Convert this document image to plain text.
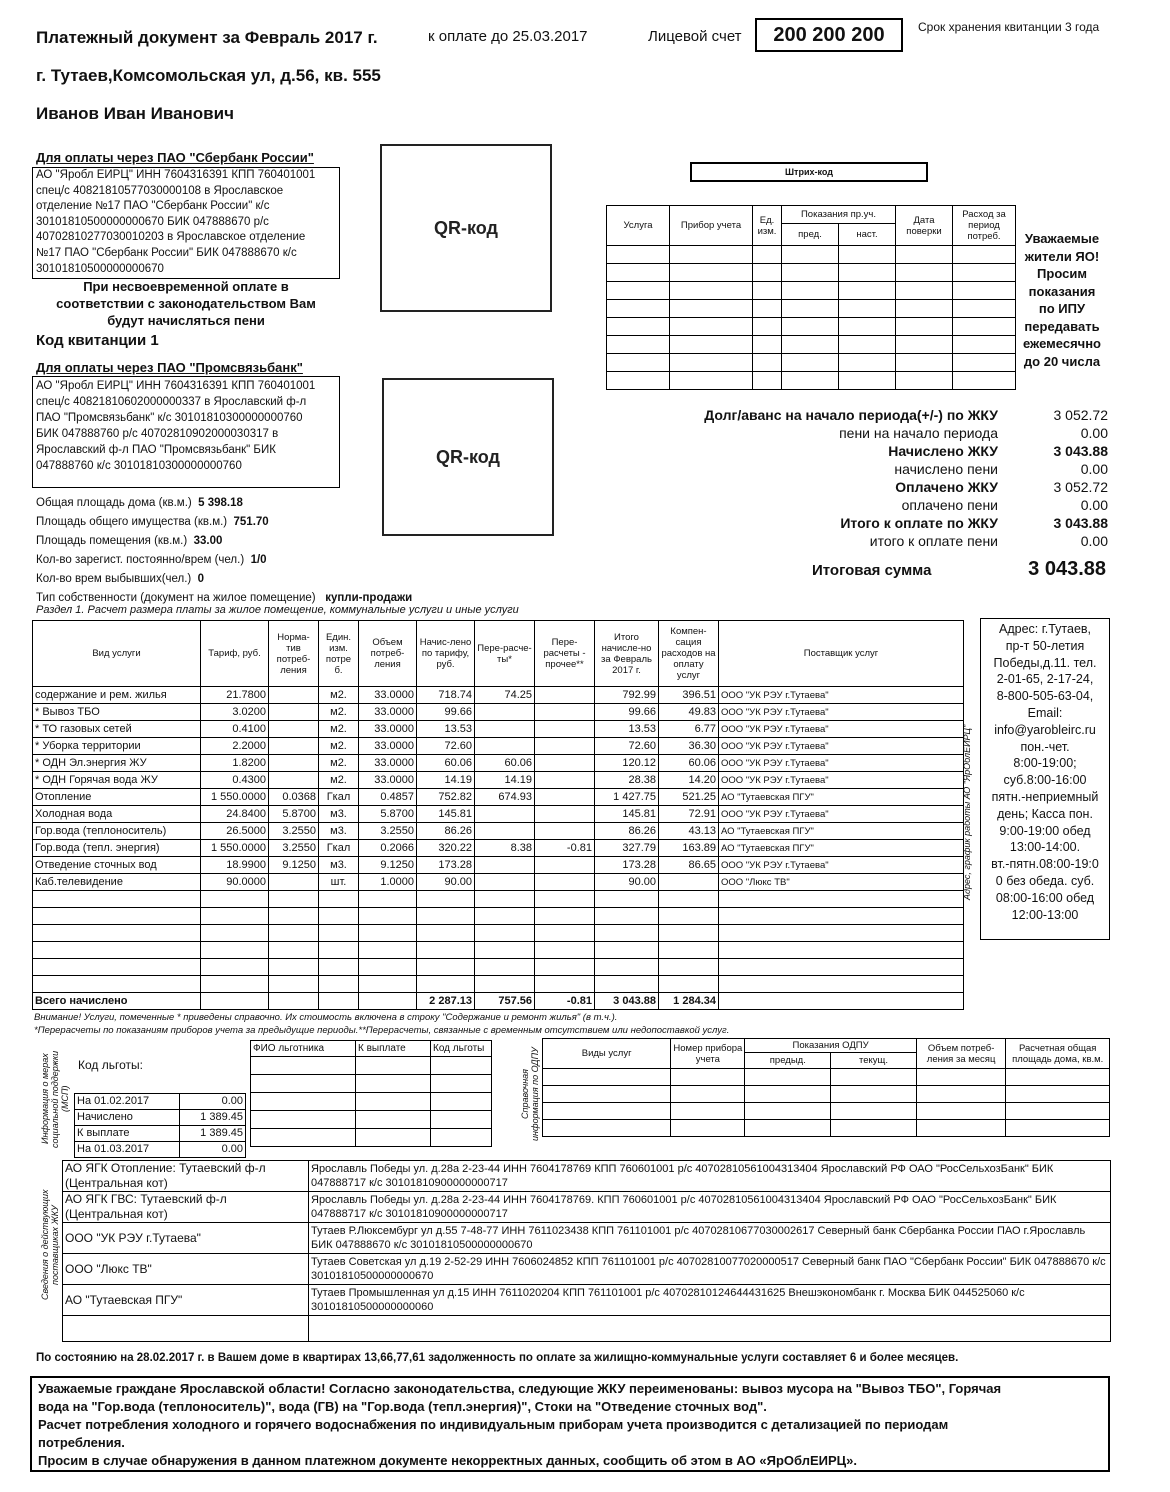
Платежный документ за Февраль 2017 г.	к оплате до 25.03.2017	Лицевой счет	200 200 200	Срок хранения квитанции 3 года
г. Тутаев,Комсомольская ул, д.56, кв. 555
Иванов Иван Иванович
Для оплаты через ПАО "Сбербанк России"
АО "Яробл ЕИРЦ" ИНН 7604316391 КПП 760401001
спец/с 40821810577030000108 в Ярославское
отделение №17 ПАО "Сбербанк России" к/с
30101810500000000670 БИК 047888670 р/с
40702810277030010203 в Ярославское отделение
№17 ПАО "Сбербанк России" БИК 047888670 к/с
30101810500000000670
При несвоевременной оплате в
соответствии с законодательством Вам
будут начисляться пени
Код квитанции 1
QR-код
Для оплаты через ПАО "Промсвязьбанк"
АО "Яробл ЕИРЦ" ИНН 7604316391 КПП 760401001
спец/с 40821810602000000337 в Ярославский ф-л
ПАО "Промсвязьбанк" к/с 30101810300000000760
БИК 047888760 р/с 40702810902000030317 в
Ярославский ф-л ПАО "Промсвязьбанк" БИК
047888760 к/с 30101810300000000760	QR-код
Общая площадь дома (кв.м.) 5 398.18
Площадь общего имущества (кв.м.) 751.70
Площадь помещения (кв.м.) 33.00
Кол-во зарегист. постоянно/врем (чел.) 1/0
Кол-во врем выбывших(чел.) 0
Тип собственности (документ на жилое помещение) купли-продажи
Штрих-код
Услуга	Прибор учета	Ед. изм.	Показания пр.уч.		Дата поверки	Расход за период потреб.
			пред.	наст.		

							Уважаемые
жители ЯО!
Просим
показания
по ИПУ
передавать
ежемесячно
до 20 числа
Долг/аванс на начало периода(+/-) по ЖКУ	3 052.72
пени на начало периода	0.00
Начислено ЖКУ	3 043.88
начислено пени	0.00
Оплачено ЖКУ	3 052.72
оплачено пени	0.00
Итого к оплате по ЖКУ	3 043.88
итого к оплате пени	0.00
Итоговая сумма	3 043.88
Раздел 1. Расчет размера платы за жилое помещение, коммунальные услуги и иные услуги
Вид услуги	Тариф, руб.	Норма-тив потреб-ления	Един. изм. потре б.	Объем потреб-ления	Начис-лено по тарифу, руб.	Пере-расче-ты*	Пере-расчеты - прочее**	Итого начисле-но за Февраль 2017 г.	Компен-сация расходов на оплату услуг	Поставщик услуг
содержание и рем. жилья	21.7800		м2.	33.0000	718.74	74.25		792.99	396.51	ООО "УК РЭУ г.Тутаева"
* Вывоз ТБО	3.0200		м2.	33.0000	99.66			99.66	49.83	ООО "УК РЭУ г.Тутаева"
* ТО газовых сетей	0.4100		м2.	33.0000	13.53			13.53	6.77	ООО "УК РЭУ г.Тутаева"
* Уборка территории	2.2000		м2.	33.0000	72.60			72.60	36.30	ООО "УК РЭУ г.Тутаева"
* ОДН Эл.энергия ЖУ	1.8200		м2.	33.0000	60.06	60.06		120.12	60.06	ООО "УК РЭУ г.Тутаева"
* ОДН Горячая вода ЖУ	0.4300		м2.	33.0000	14.19	14.19		28.38	14.20	ООО "УК РЭУ г.Тутаева"
Отопление	1 550.0000	0.0368	Гкал	0.4857	752.82	674.93		1 427.75	521.25	АО "Тутаевская ПГУ"
Холодная вода	24.8400	5.8700	м3.	5.8700	145.81			145.81	72.91	ООО "УК РЭУ г.Тутаева"
Гор.вода (теплоноситель)	26.5000	3.2550	м3.	3.2550	86.26			86.26	43.13	АО "Тутаевская ПГУ"
Гор.вода (тепл. энергия)	1 550.0000	3.2550	Гкал	0.2066	320.22	8.38	-0.81	327.79	163.89	АО "Тутаевская ПГУ"
Отведение сточных вод	18.9900	9.1250	м3.	9.1250	173.28			173.28	86.65	ООО "УК РЭУ г.Тутаева"
Каб.телевидение	90.0000		шт.	1.0000	90.00			90.00		ООО "Люкс ТВ"

Всего начислено					2 287.13	757.56	-0.81	3 043.88	1 284.34	
Адрес: г.Тутаев,
пр-т 50-летия
Победы,д.11. тел.
2-01-65, 2-17-24,
8-800-505-63-04,
Email:
info@yarobleirc.ru
пон.-чет.
8:00-19:00;
суб.8:00-16:00
пятн.-неприемный
день; Касса пон.
9:00-19:00 обед
13:00-14:00.
вт.-пятн.08:00-19:0
0 без обеда. суб.
08:00-16:00 обед
12:00-13:00
Адрес, график работы АО "ЯрОблЕИРЦ"
Внимание! Услуги, помеченные * приведены справочно. Их стоимость включена в строку "Содержание и ремонт жилья" (в т.ч.).
*Перерасчеты по показаниям приборов учета за предыдущие периоды.**Перерасчеты, связанные с временным отсутствием или недопоставкой услуг.
Информация о мерах социальной поддержки (МСП)
Код льготы:
ФИО льготника	К выплате	Код льготы

На 01.02.2017	0.00
Начислено	1 389.45
К выплате	1 389.45
На 01.03.2017	0.00
Справочная информация по ОДПУ	Виды услуг	Номер прибора учета	Показания ОДПУ		Объем потреб-ления за месяц	Расчетная общая площадь дома, кв.м.
		предыд.	текущ.		

Сведения о действующих поставщиках ЖКУ
АО ЯГК Отопление: Тутаевский ф-л (Центральная кот)	Ярославль Победы ул. д.28а 2-23-44 ИНН 7604178769 КПП 760601001 р/с 40702810561004313404 Ярославский РФ ОАО "РосСельхозБанк" БИК 047888717 к/с 30101810900000000717
АО ЯГК ГВС: Тутаевский ф-л (Центральная кот)	Ярославль Победы ул. д.28а 2-23-44 ИНН 7604178769. КПП 760601001 р/с 40702810561004313404 Ярославский РФ ОАО "РосСельхозБанк" БИК 047888717 к/с 30101810900000000717
ООО "УК РЭУ г.Тутаева"	Тутаев Р.Люксембург ул д.55 7-48-77 ИНН 7611023438 КПП 761101001 р/с 40702810677030002617 Северный банк Сбербанка России ПАО г.Ярославль БИК 047888670 к/с 30101810500000000670
ООО "Люкс ТВ"	Тутаев Советская ул д.19 2-52-29 ИНН 7606024852 КПП 761101001 р/с 40702810077020000517 Северный банк ПАО "Сбербанк России" БИК 047888670 к/с 30101810500000000670
АО "Тутаевская ПГУ"	Тутаев Промышленная ул д.15 ИНН 7611020204 КПП 761101001 р/с 40702810124644431625 Внешэкономбанк г. Москва БИК 044525060 к/с 30101810500000000060

По состоянию на 28.02.2017 г. в Вашем доме в квартирах 13,66,77,61 задолженность по оплате за жилищно-коммунальные услуги составляет 6 и более месяцев.
Уважаемые граждане Ярославской области! Согласно законодательства, следующие ЖКУ переименованы: вывоз мусора на "Вывоз ТБО", Горячая
вода на "Гор.вода (теплоноситель)", вода (ГВ) на "Гор.вода (тепл.энергия)", Стоки на "Отведение сточных вод".
Расчет потребления холодного и горячего водоснабжения по индивидуальным приборам учета производится с детализацией по периодам
потребления.
Просим в случае обнаружения в данном платежном документе некорректных данных, сообщить об этом в АО «ЯрОблЕИРЦ».
